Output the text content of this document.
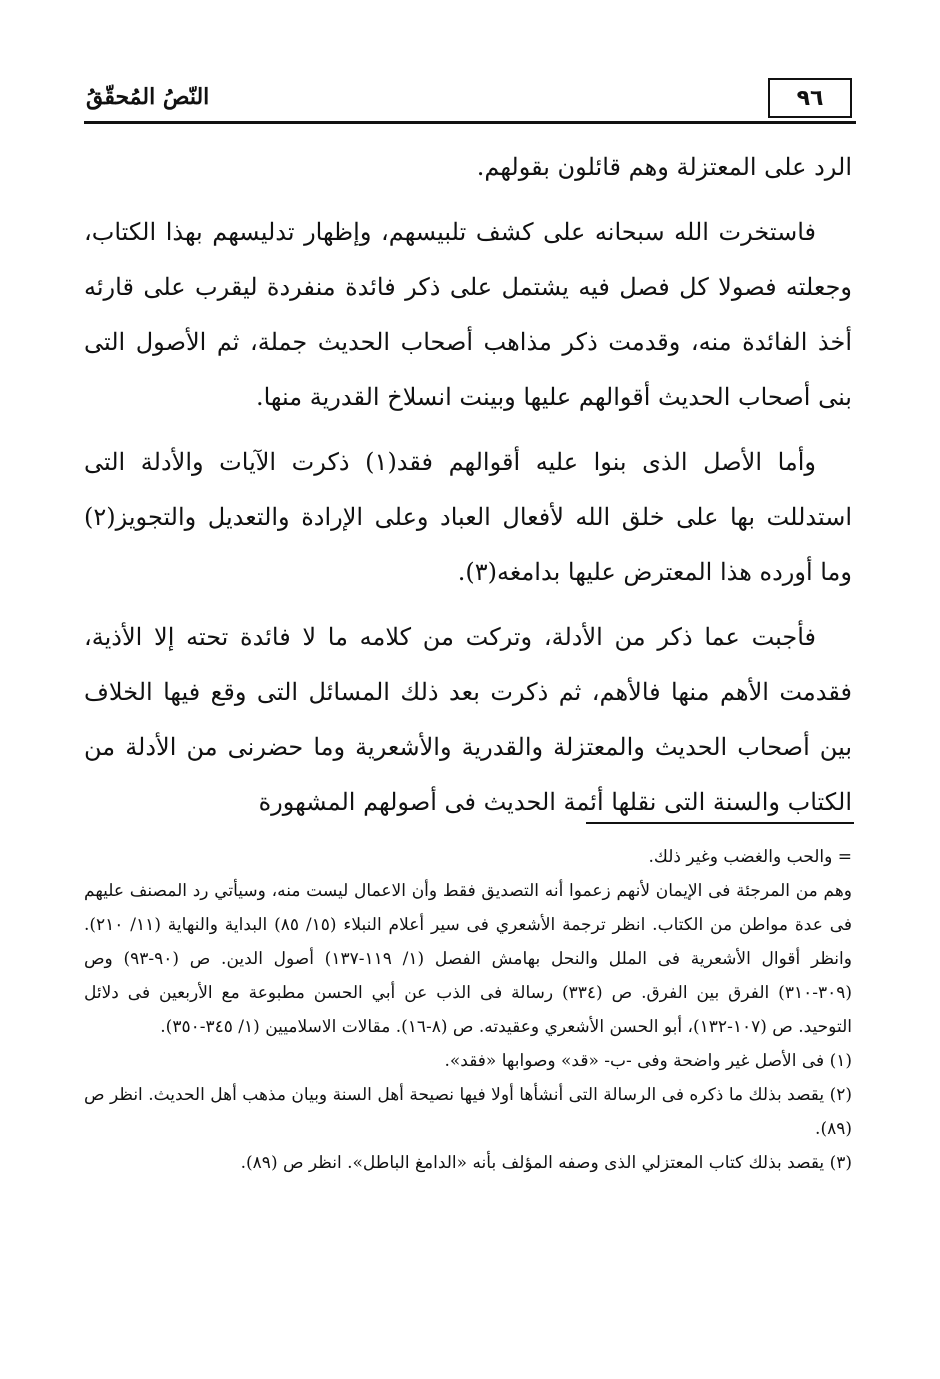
٩٦
النّصُ المُحقّقُ

الرد على المعتزلة وهم قائلون بقولهم.

فاستخرت الله سبحانه على كشف تلبيسهم، وإظهار تدليسهم بهذا الكتاب، وجعلته فصولا كل فصل فيه يشتمل على ذكر فائدة منفردة ليقرب على قارئه أخذ الفائدة منه، وقدمت ذكر مذاهب أصحاب الحديث جملة، ثم الأصول التى بنى أصحاب الحديث أقوالهم عليها وبينت انسلاخ القدرية منها.

وأما الأصل الذى بنوا عليه أقوالهم فقد(١) ذكرت الآيات والأدلة التى استدللت بها على خلق الله لأفعال العباد وعلى الإرادة والتعديل والتجويز(٢) وما أورده هذا المعترض عليها بدامغه(٣).

فأجبت عما ذكر من الأدلة، وتركت من كلامه ما لا فائدة تحته إلا الأذية، فقدمت الأهم منها فالأهم، ثم ذكرت بعد ذلك المسائل التى وقع فيها الخلاف بين أصحاب الحديث والمعتزلة والقدرية والأشعرية وما حضرنى من الأدلة من الكتاب والسنة التى نقلها أئمة الحديث فى أصولهم المشهورة

= والحب والغضب وغير ذلك.

وهم من المرجئة فى الإيمان لأنهم زعموا أنه التصديق فقط وأن الاعمال ليست منه، وسيأتي رد المصنف عليهم فى عدة مواطن من الكتاب. انظر ترجمة الأشعري فى سير أعلام النبلاء (١٥/ ٨٥) البداية والنهاية (١١/ ٢١٠). وانظر أقوال الأشعرية فى الملل والنحل بهامش الفصل (١/ ١١٩-١٣٧) أصول الدين. ص (٩٠-٩٣) وص (٣٠٩-٣١٠) الفرق بين الفرق. ص (٣٣٤) رسالة فى الذب عن أبي الحسن مطبوعة مع الأربعين فى دلائل التوحيد. ص (١٠٧-١٣٢)، أبو الحسن الأشعري وعقيدته. ص (٨-١٦). مقالات الاسلاميين (١/ ٣٤٥-٣٥٠).

(١) فى الأصل غير واضحة وفى -ب- «قد» وصوابها «فقد».

(٢) يقصد بذلك ما ذكره فى الرسالة التى أنشأها أولا فيها نصيحة أهل السنة وبيان مذهب أهل الحديث. انظر ص (٨٩).

(٣) يقصد بذلك كتاب المعتزلي الذى وصفه المؤلف بأنه «الدامغ الباطل». انظر ص (٨٩).
